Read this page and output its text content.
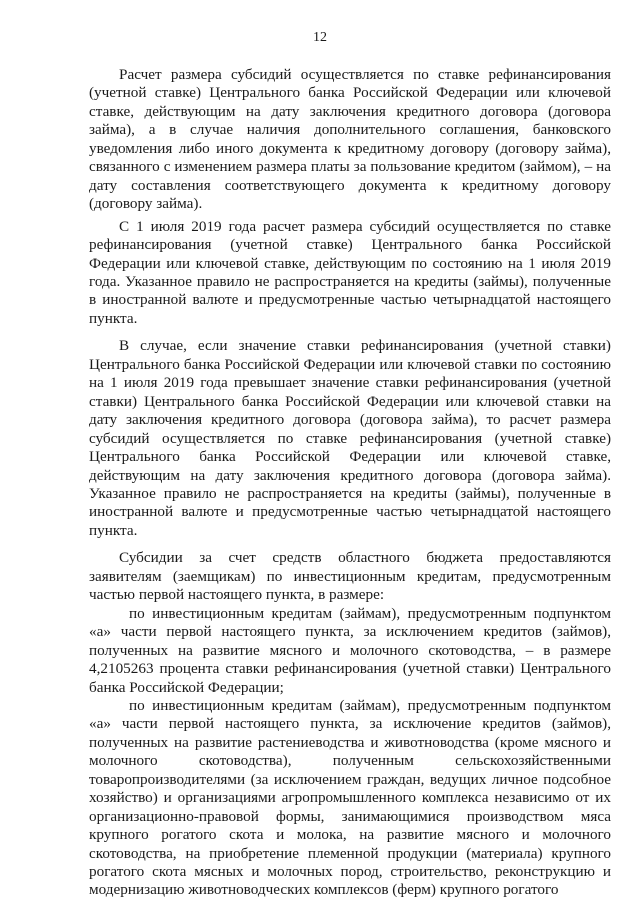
12

Расчет размера субсидий осуществляется по ставке рефинансирования (учетной ставке) Центрального банка Российской Федерации или ключевой ставке, действующим на дату заключения кредитного договора (договора займа), а в случае наличия дополнительного соглашения, банковского уведомления либо иного документа к кредитному договору (договору займа), связанного с изменением размера платы за пользование кредитом (займом), – на дату составления соответствующего документа к кредитному договору (договору займа).

С 1 июля 2019 года расчет размера субсидий осуществляется по ставке рефинансирования (учетной ставке) Центрального банка Российской Федерации или ключевой ставке, действующим по состоянию на 1 июля 2019 года. Указанное правило не распространяется на кредиты (займы), полученные в иностранной валюте и предусмотренные частью четырнадцатой настоящего пункта.

В случае, если значение ставки рефинансирования (учетной ставки) Центрального банка Российской Федерации или ключевой ставки по состоянию на 1 июля 2019 года превышает значение ставки рефинансирования (учетной ставки) Центрального банка Российской Федерации или ключевой ставки на дату заключения кредитного договора (договора займа), то расчет размера субсидий осуществляется по ставке рефинансирования (учетной ставке) Центрального банка Российской Федерации или ключевой ставке, действующим на дату заключения кредитного договора (договора займа). Указанное правило не распространяется на кредиты (займы), полученные в иностранной валюте и предусмотренные частью четырнадцатой настоящего пункта.

Субсидии за счет средств областного бюджета предоставляются заявителям (заемщикам) по инвестиционным кредитам, предусмотренным частью первой настоящего пункта, в размере:

по инвестиционным кредитам (займам), предусмотренным подпунктом «а» части первой настоящего пункта, за исключением кредитов (займов), полученных на развитие мясного и молочного скотоводства, – в размере 4,2105263 процента ставки рефинансирования (учетной ставки) Центрального банка Российской Федерации;

по инвестиционным кредитам (займам), предусмотренным подпунктом «а» части первой настоящего пункта, за исключение кредитов (займов), полученных на развитие растениеводства и животноводства (кроме мясного и молочного скотоводства), полученным сельскохозяйственными товаропроизводителями (за исключением граждан, ведущих личное подсобное хозяйство) и организациями агропромышленного комплекса независимо от их организационно-правовой формы, занимающимися производством мяса крупного рогатого скота и молока, на развитие мясного и молочного скотоводства, на приобретение племенной продукции (материала) крупного рогатого скота мясных и молочных пород, строительство, реконструкцию и модернизацию животноводческих комплексов (ферм) крупного рогатого
